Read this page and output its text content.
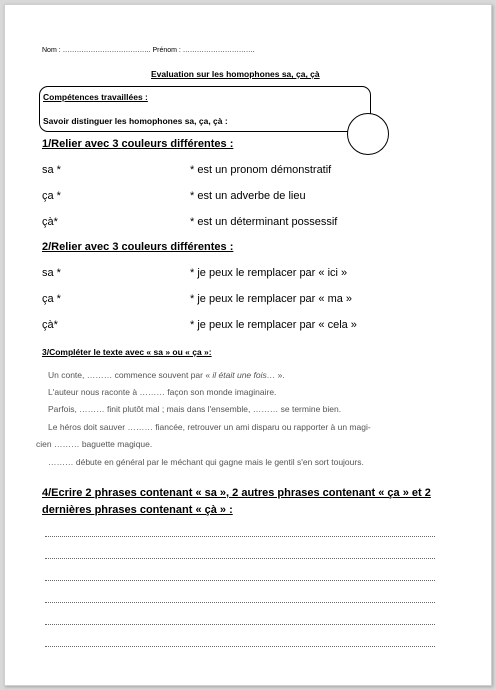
Nom : ……………………………….. Prénom : ………………………….
Evaluation sur les homophones sa, ça, çà
Compétences travaillées :
Savoir distinguer les homophones sa, ça, çà :
1/Relier avec 3 couleurs différentes :
sa *	* est un pronom démonstratif
ça *	* est un adverbe de lieu
çà*	* est un déterminant possessif
2/Relier avec 3 couleurs différentes :
sa *	* je peux le remplacer par « ici »
ça *	* je peux le remplacer par « ma »
çà*	* je peux le remplacer par « cela »
3/Compléter le texte avec « sa » ou « ça »:
Un conte, ……… commence souvent par « il était une fois… ».
L'auteur nous raconte à ……… façon son monde imaginaire.
Parfois, ……… finit plutôt mal ; mais dans l'ensemble, ……… se termine bien.
Le héros doit sauver ……… fiancée, retrouver un ami disparu ou rapporter à un magi-
cien ……… baguette magique.
……… débute en général par le méchant qui gagne mais le gentil s'en sort toujours.
4/Ecrire 2 phrases contenant « sa », 2 autres phrases contenant « ça » et 2 dernières phrases contenant « çà » :
